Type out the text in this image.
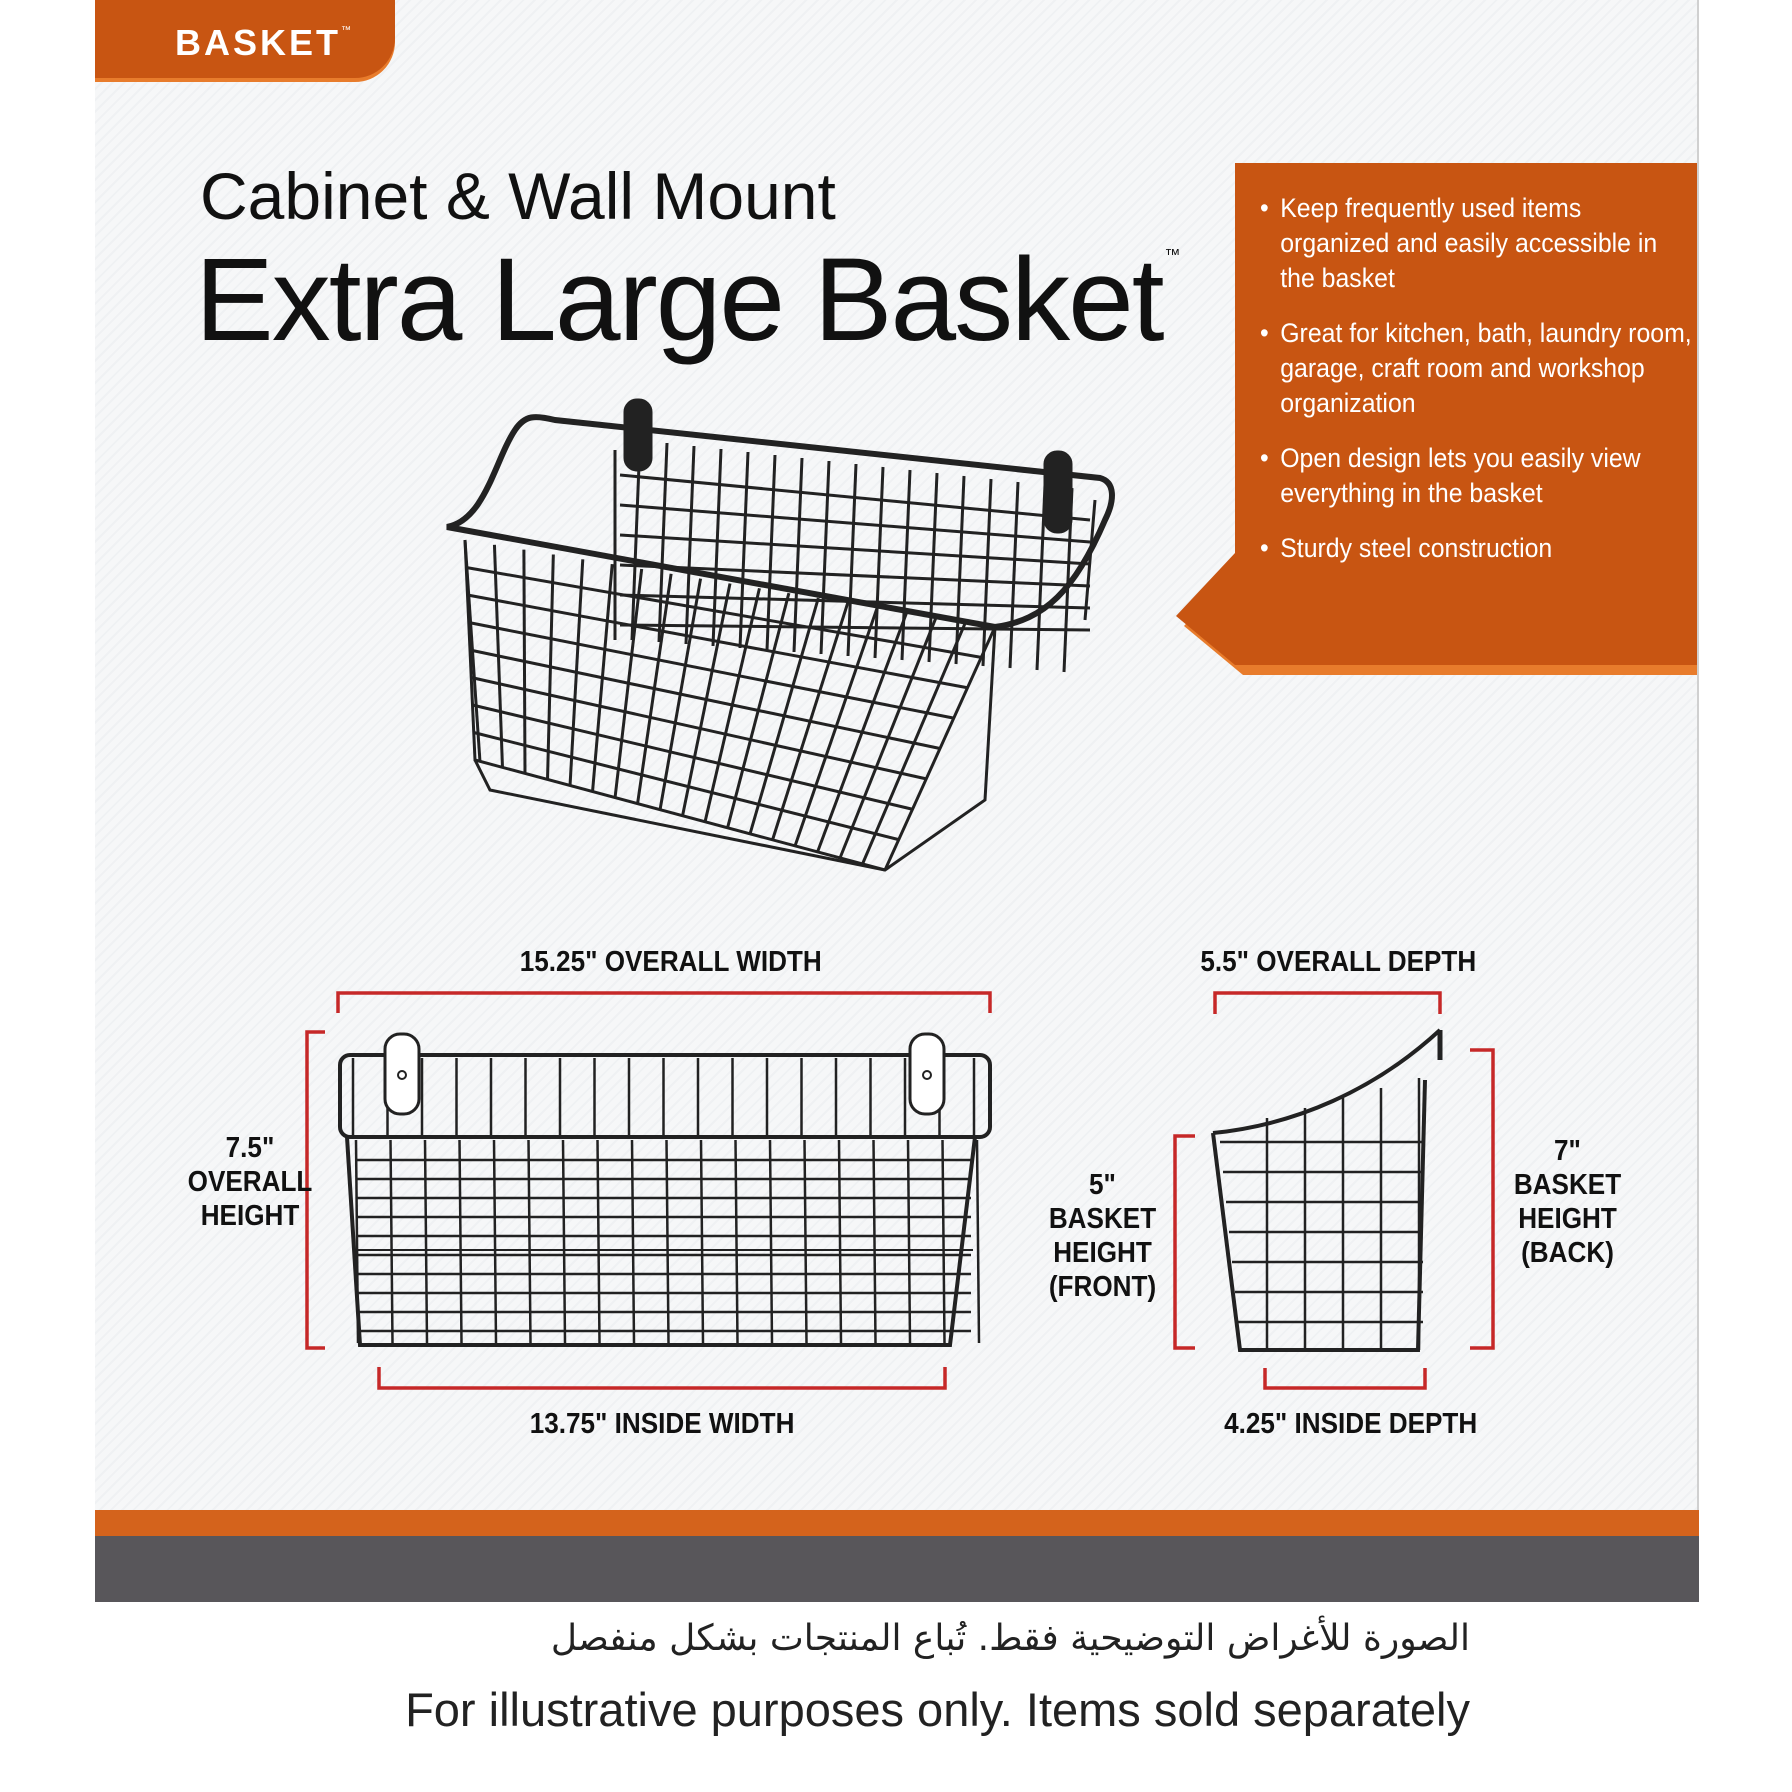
BASKET™
Cabinet & Wall Mount
Extra Large Basket ™
• Keep frequently used items organized and easily accessible in the basket
• Great for kitchen, bath, laundry room, garage, craft room and workshop organization
• Open design lets you easily view everything in the basket
• Sturdy steel construction
15.25" OVERALL WIDTH
13.75" INSIDE WIDTH
7.5"
OVERALL
HEIGHT
5.5" OVERALL DEPTH
4.25" INSIDE DEPTH
5"
BASKET
HEIGHT
(FRONT)
7"
BASKET
HEIGHT
(BACK)
الصورة للأغراض التوضيحية فقط. تُباع المنتجات بشكل منفصل
For illustrative purposes only. Items sold separately
